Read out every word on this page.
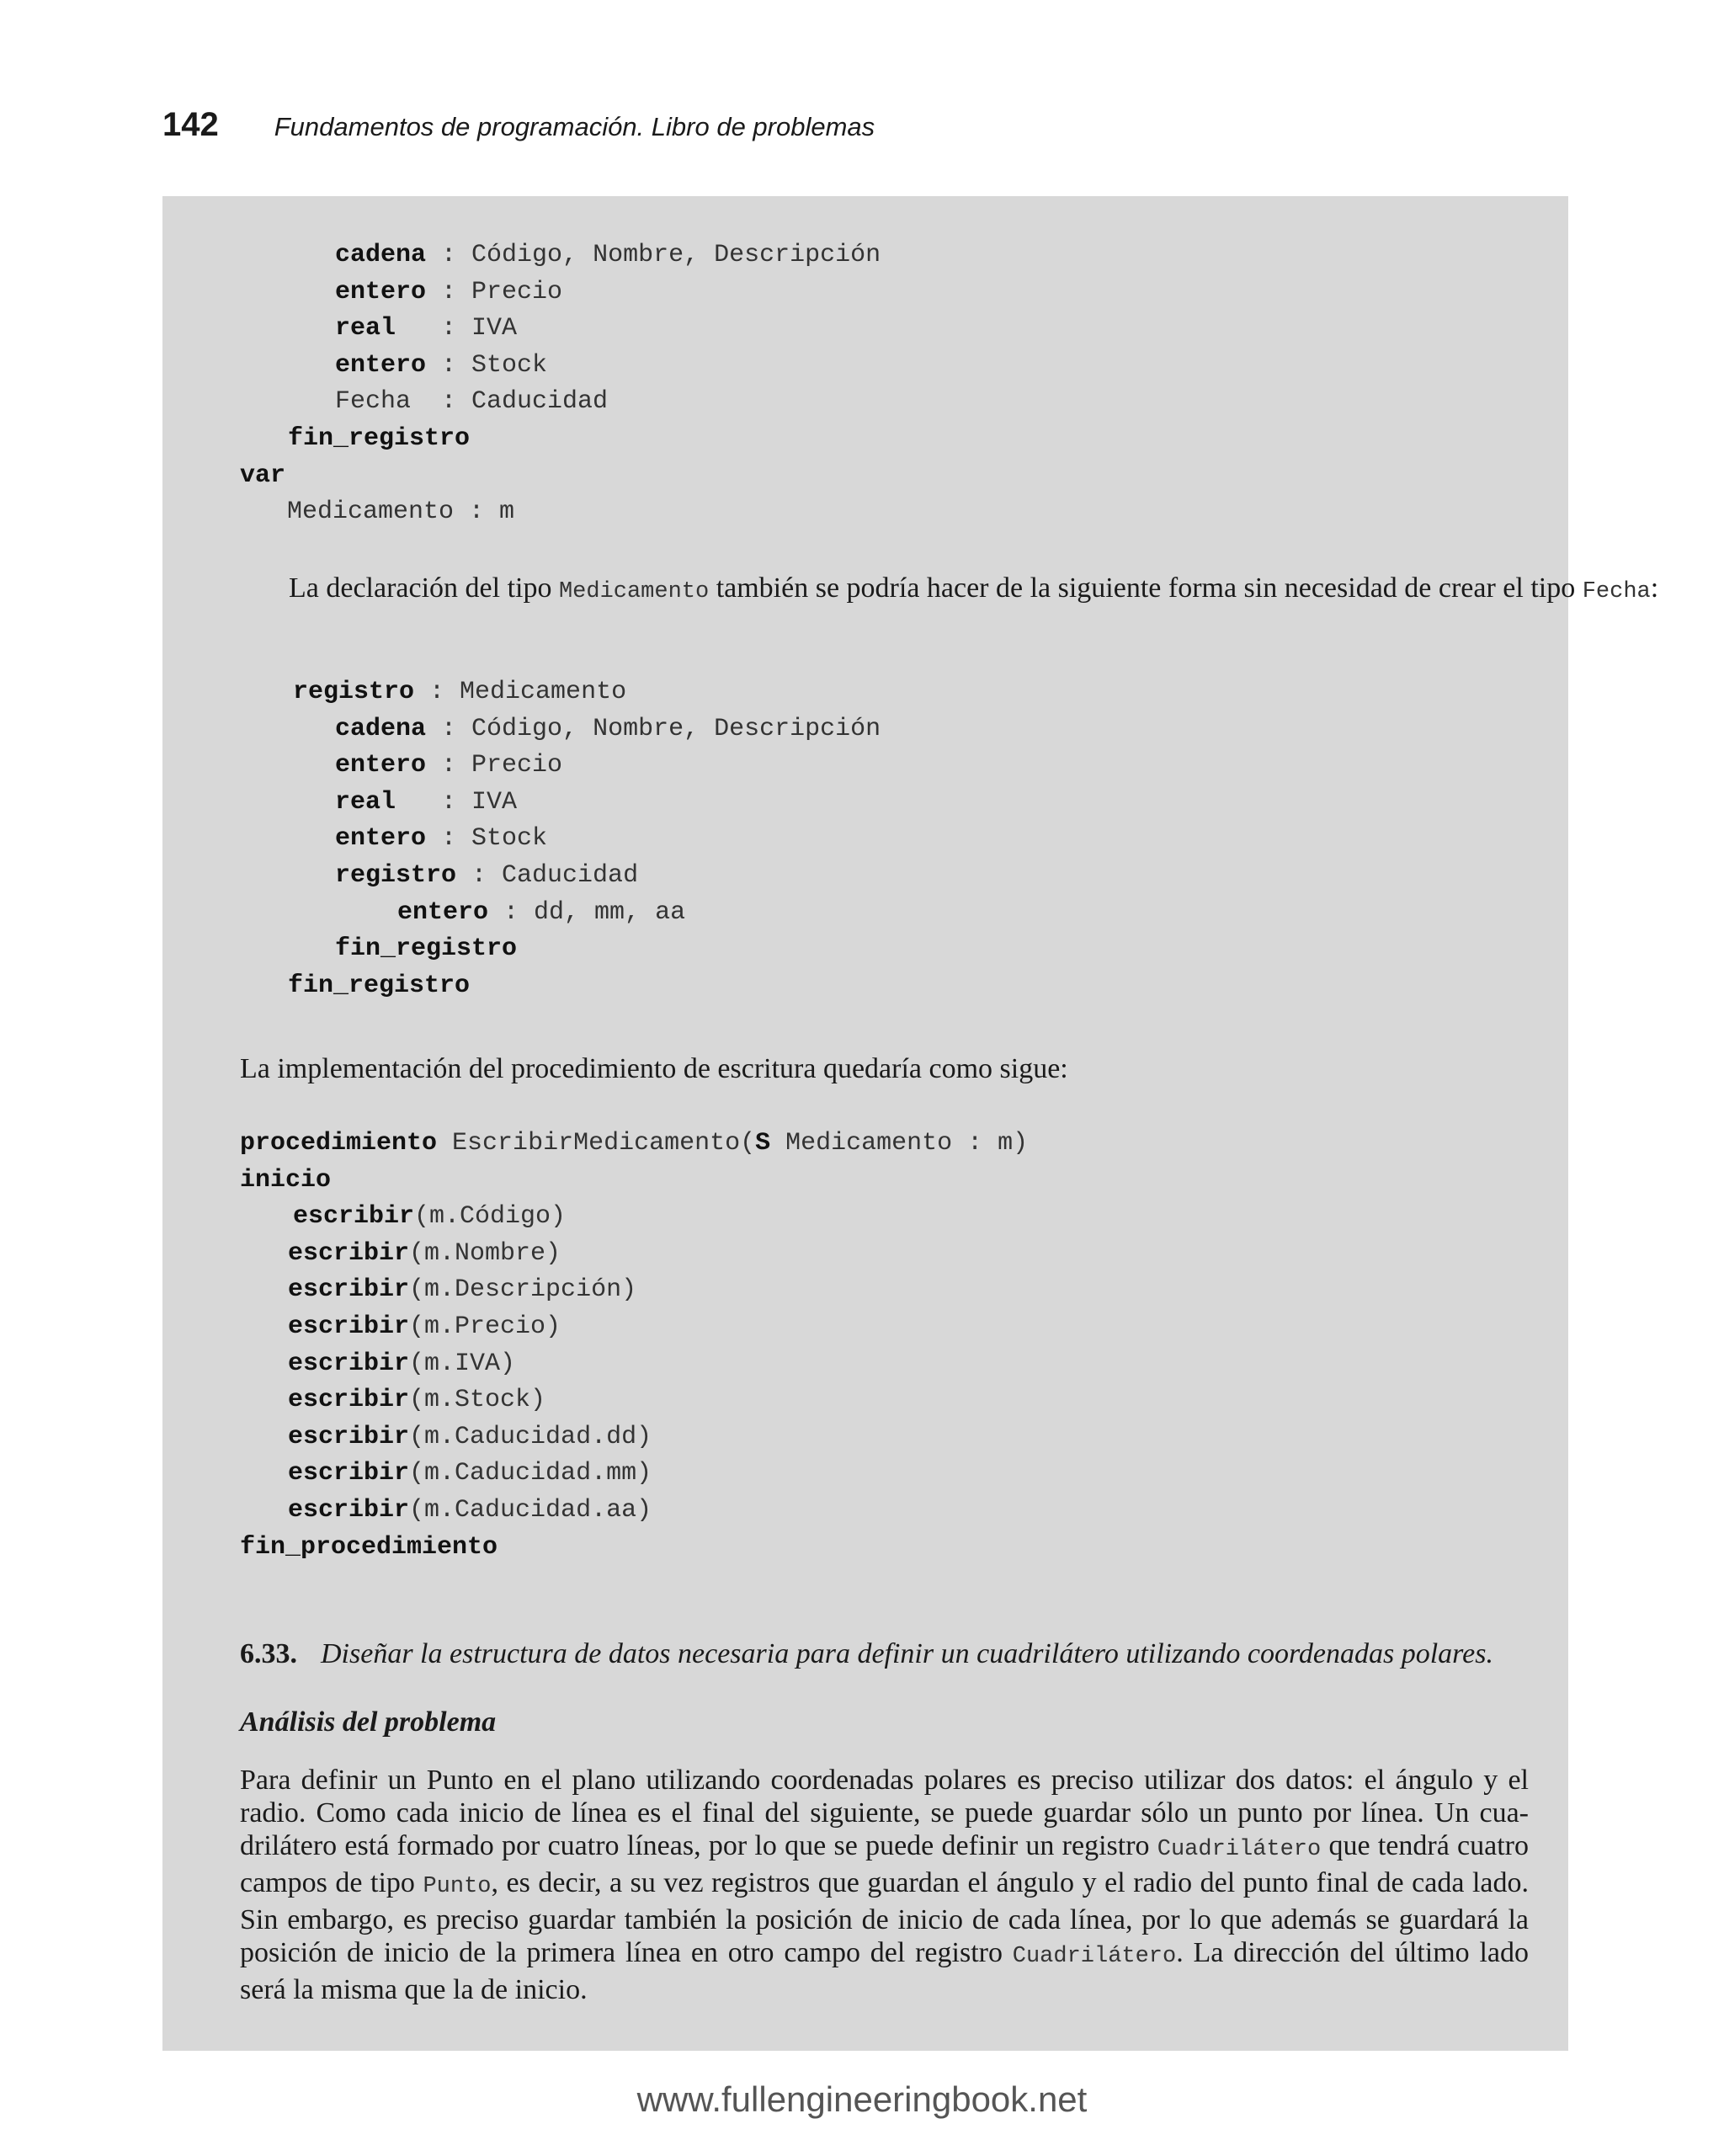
142 Fundamentos de programación. Libro de problemas
cadena : Código, Nombre, Descripción
entero : Precio
real   : IVA
entero : Stock
Fecha  : Caducidad
fin_registro
var
Medicamento : m

La declaración del tipo Medicamento también se podría hacer de la siguiente forma sin necesidad de crear el tipo Fecha:

registro : Medicamento
cadena : Código, Nombre, Descripción
entero : Precio
real   : IVA
entero : Stock
registro : Caducidad
entero : dd, mm, aa
fin_registro
fin_registro

La implementación del procedimiento de escritura quedaría como sigue:

procedimiento EscribirMedicamento(S Medicamento : m)
inicio
escribir(m.Código)
escribir(m.Nombre)
escribir(m.Descripción)
escribir(m.Precio)
escribir(m.IVA)
escribir(m.Stock)
escribir(m.Caducidad.dd)
escribir(m.Caducidad.mm)
escribir(m.Caducidad.aa)
fin_procedimiento
6.33. Diseñar la estructura de datos necesaria para definir un cuadrilátero utilizando coordenadas polares.
Análisis del problema

Para definir un Punto en el plano utilizando coordenadas polares es preciso utilizar dos datos: el ángulo y el radio. Como cada inicio de línea es el final del siguiente, se puede guardar sólo un punto por línea. Un cua-drilátero está formado por cuatro líneas, por lo que se puede definir un registro Cuadrilátero que tendrá cuatro campos de tipo Punto, es decir, a su vez registros que guardan el ángulo y el radio del punto final de cada lado. Sin embargo, es preciso guardar también la posición de inicio de cada línea, por lo que además se guardará la posición de inicio de la primera línea en otro campo del registro Cuadrilátero. La dirección del último lado será la misma que la de inicio.

www.fullengineeringbook.net
